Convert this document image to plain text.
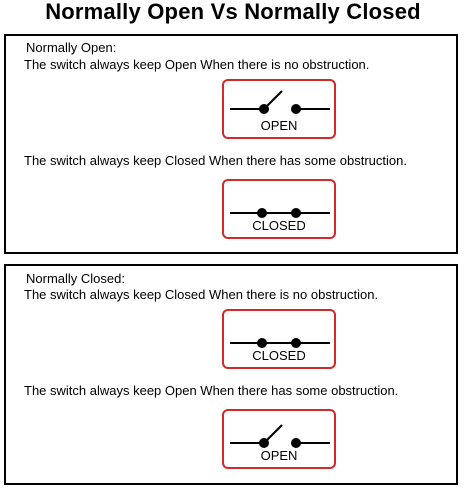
Normally Open Vs Normally Closed
Normally Open:
The switch always keep Open When there is no obstruction.
OPEN
The switch always keep Closed When there has some obstruction.
CLOSED
Normally Closed:
The switch always keep Closed When there is no obstruction.
CLOSED
The switch always keep Open When there has some obstruction.
OPEN
